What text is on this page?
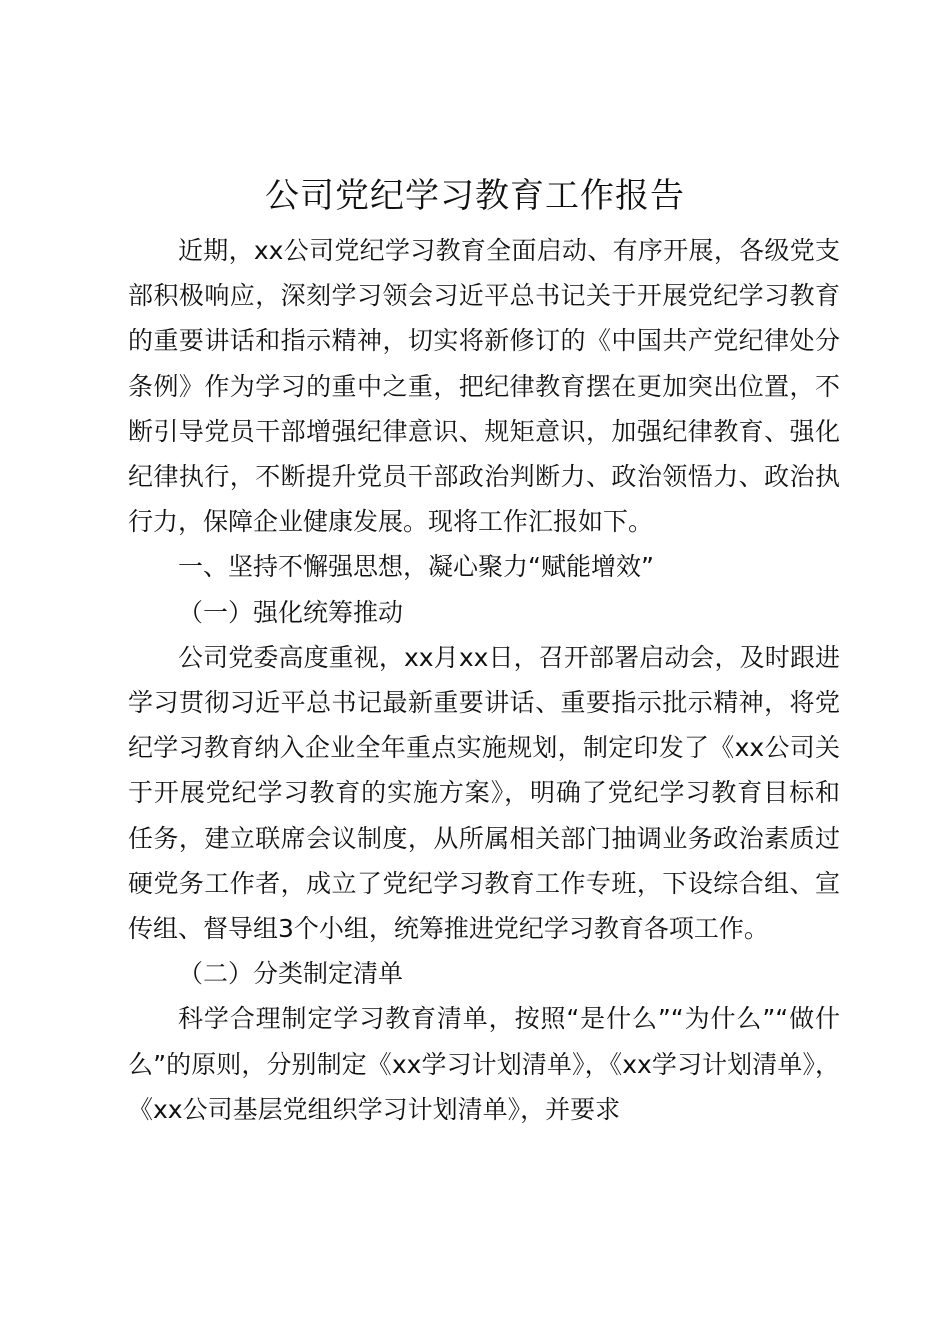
公司党纪学习教育工作报告

近期，xx公司党纪学习教育全面启动、有序开展，各级党支部积极响应，深刻学习领会习近平总书记关于开展党纪学习教育的重要讲话和指示精神，切实将新修订的《中国共产党纪律处分条例》作为学习的重中之重，把纪律教育摆在更加突出位置，不断引导党员干部增强纪律意识、规矩意识，加强纪律教育、强化纪律执行，不断提升党员干部政治判断力、政治领悟力、政治执行力，保障企业健康发展。现将工作汇报如下。

一、坚持不懈强思想，凝心聚力“赋能增效”

（一）强化统筹推动

公司党委高度重视，xx月xx日，召开部署启动会，及时跟进学习贯彻习近平总书记最新重要讲话、重要指示批示精神，将党纪学习教育纳入企业全年重点实施规划，制定印发了《xx公司关于开展党纪学习教育的实施方案》，明确了党纪学习教育目标和任务，建立联席会议制度，从所属相关部门抽调业务政治素质过硬党务工作者，成立了党纪学习教育工作专班，下设综合组、宣传组、督导组3个小组，统筹推进党纪学习教育各项工作。

（二）分类制定清单

科学合理制定学习教育清单，按照“是什么”“为什么”“做什么”的原则，分别制定《xx学习计划清单》，《xx学习计划清单》，《xx公司基层党组织学习计划清单》，并要求
